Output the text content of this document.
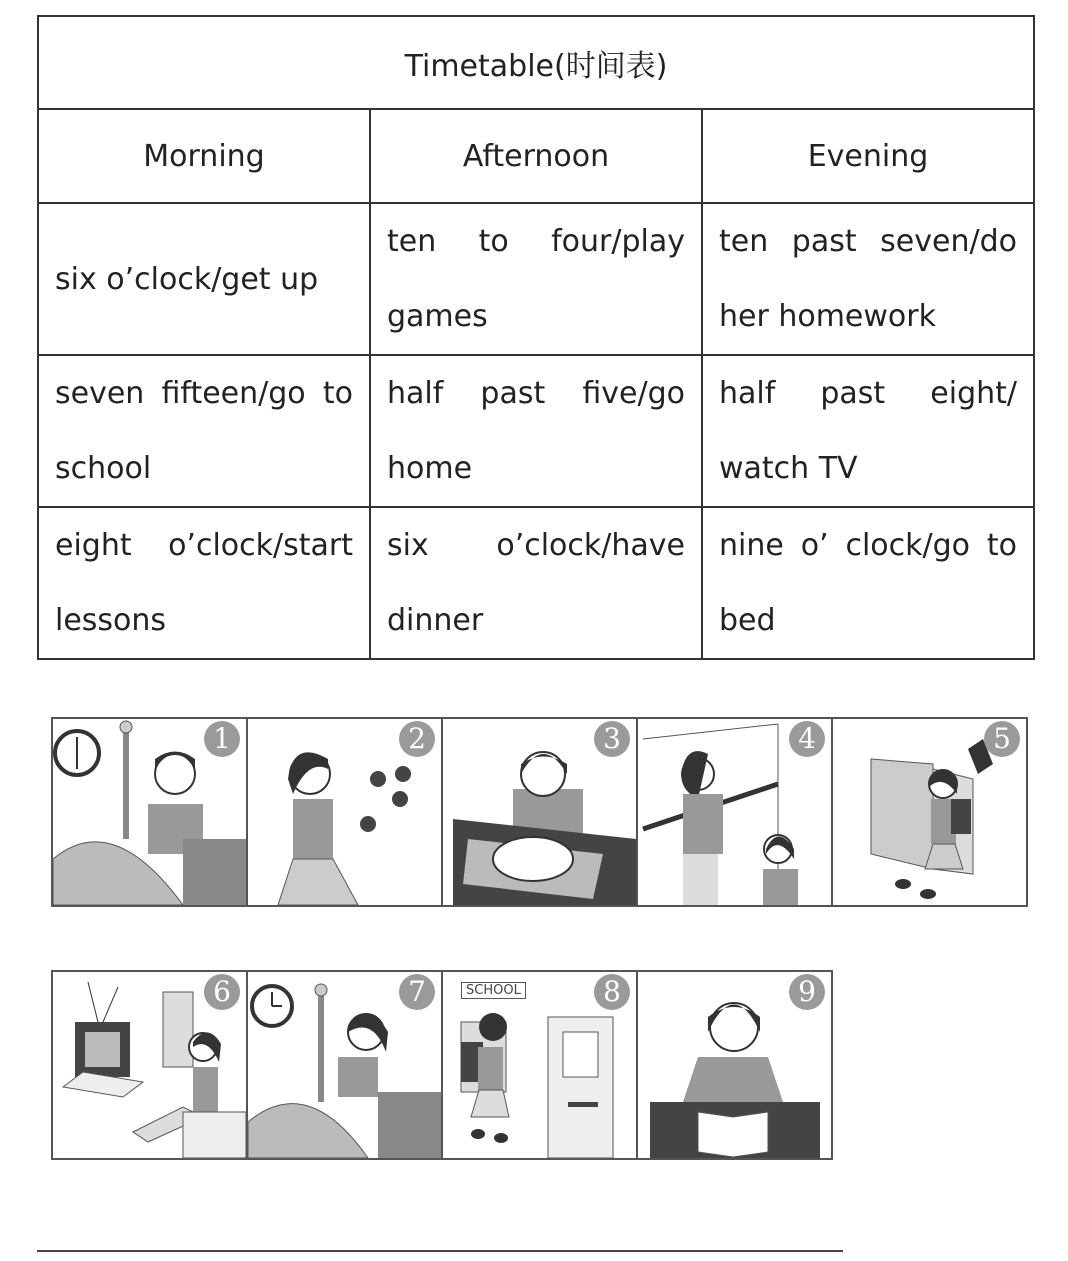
Timetable(时间表)		
Morning	Afternoon	Evening
six o’clock/get up	ten to four/play games	ten past seven/do her homework
seven fifteen/go to school	half past five/go home	half past eight/ watch TV
eight o’clock/start lessons	six o’clock/have dinner	nine o’ clock/go to bed
1	2	3	4	5
6	7	SCHOOL	8	9
